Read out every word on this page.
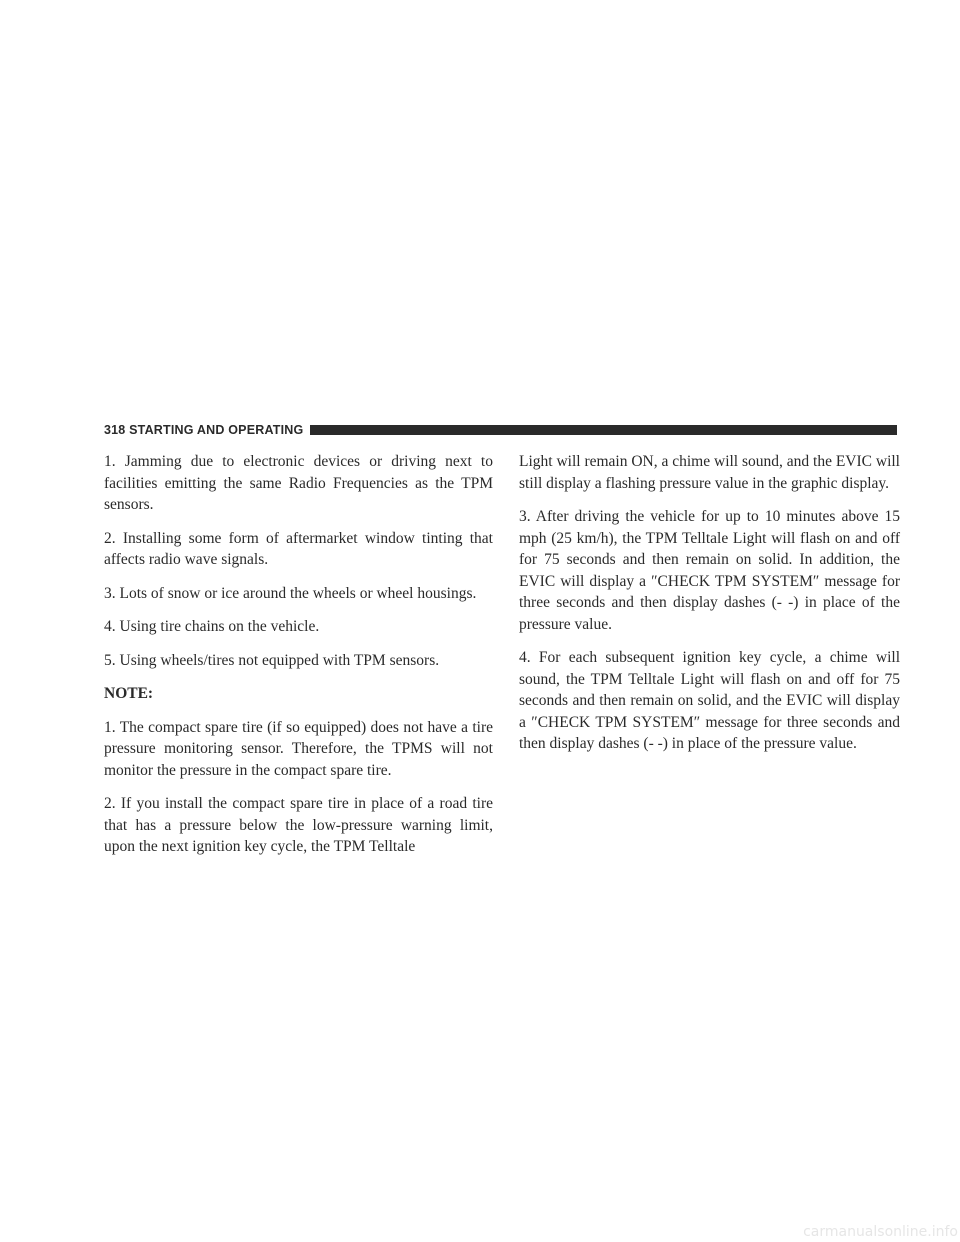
318 STARTING AND OPERATING

1. Jamming due to electronic devices or driving next to facilities emitting the same Radio Frequencies as the TPM sensors.

2. Installing some form of aftermarket window tinting that affects radio wave signals.

3. Lots of snow or ice around the wheels or wheel housings.

4. Using tire chains on the vehicle.

5. Using wheels/tires not equipped with TPM sensors.

NOTE:

1. The compact spare tire (if so equipped) does not have a tire pressure monitoring sensor. Therefore, the TPMS will not monitor the pressure in the compact spare tire.

2. If you install the compact spare tire in place of a road tire that has a pressure below the low-pressure warning limit, upon the next ignition key cycle, the TPM Telltale

Light will remain ON, a chime will sound, and the EVIC will still display a flashing pressure value in the graphic display.

3. After driving the vehicle for up to 10 minutes above 15 mph (25 km/h), the TPM Telltale Light will flash on and off for 75 seconds and then remain on solid. In addition, the EVIC will display a ″CHECK TPM SYSTEM″ message for three seconds and then display dashes (- -) in place of the pressure value.

4. For each subsequent ignition key cycle, a chime will sound, the TPM Telltale Light will flash on and off for 75 seconds and then remain on solid, and the EVIC will display a ″CHECK TPM SYSTEM″ message for three seconds and then display dashes (- -) in place of the pressure value.

carmanualsonline.info
